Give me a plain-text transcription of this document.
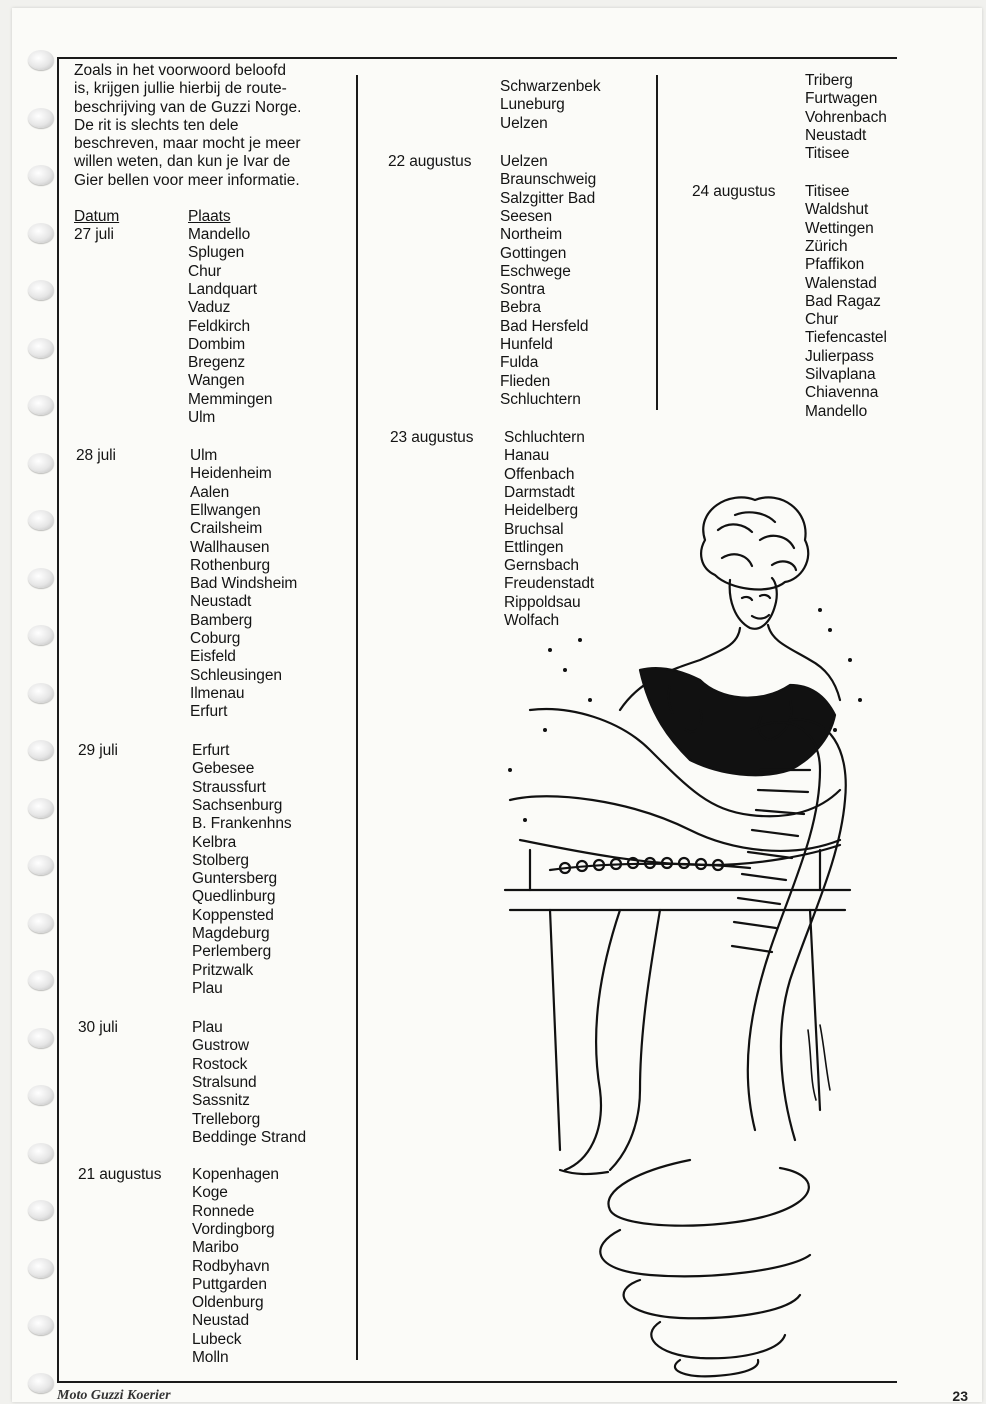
Zoals in het voorwoord beloofd
is, krijgen jullie hierbij de route-
beschrijving van de Guzzi Norge.
De rit is slechts ten dele
beschreven, maar mocht je meer
willen weten, dan kun je Ivar de
Gier bellen voor meer informatie.
Datum	Plaats
27 juli	Mandello
Splugen
Chur
Landquart
Vaduz
Feldkirch
Dombim
Bregenz
Wangen
Memmingen
Ulm
28 juli	Ulm
Heidenheim
Aalen
Ellwangen
Crailsheim
Wallhausen
Rothenburg
Bad Windsheim
Neustadt
Bamberg
Coburg
Eisfeld
Schleusingen
Ilmenau
Erfurt
29 juli	Erfurt
Gebesee
Straussfurt
Sachsenburg
B. Frankenhns
Kelbra
Stolberg
Guntersberg
Quedlinburg
Koppensted
Magdeburg
Perlemberg
Pritzwalk
Plau
30 juli	Plau
Gustrow
Rostock
Stralsund
Sassnitz
Trelleborg
Beddinge Strand
21 augustus Kopenhagen
Koge
Ronnede
Vordingborg
Maribo
Rodbyhavn
Puttgarden
Oldenburg
Neustad
Lubeck
Molln
Schwarzenbek
Luneburg
Uelzen
22 augustus Uelzen
Braunschweig
Salzgitter Bad
Seesen
Northeim
Gottingen
Eschwege
Sontra
Bebra
Bad Hersfeld
Hunfeld
Fulda
Flieden
Schluchtern
23 augustus Schluchtern
Hanau
Offenbach
Darmstadt
Heidelberg
Bruchsal
Ettlingen
Gernsbach
Freudenstadt
Rippoldsau
Wolfach
Triberg
Furtwagen
Vohrenbach
Neustadt
Titisee
24 augustus Titisee
Waldshut
Wettingen
Zürich
Pfaffikon
Walenstad
Bad Ragaz
Chur
Tiefencastel
Julierpass
Silvaplana
Chiavenna
Mandello
Moto Guzzi Koerier	23
